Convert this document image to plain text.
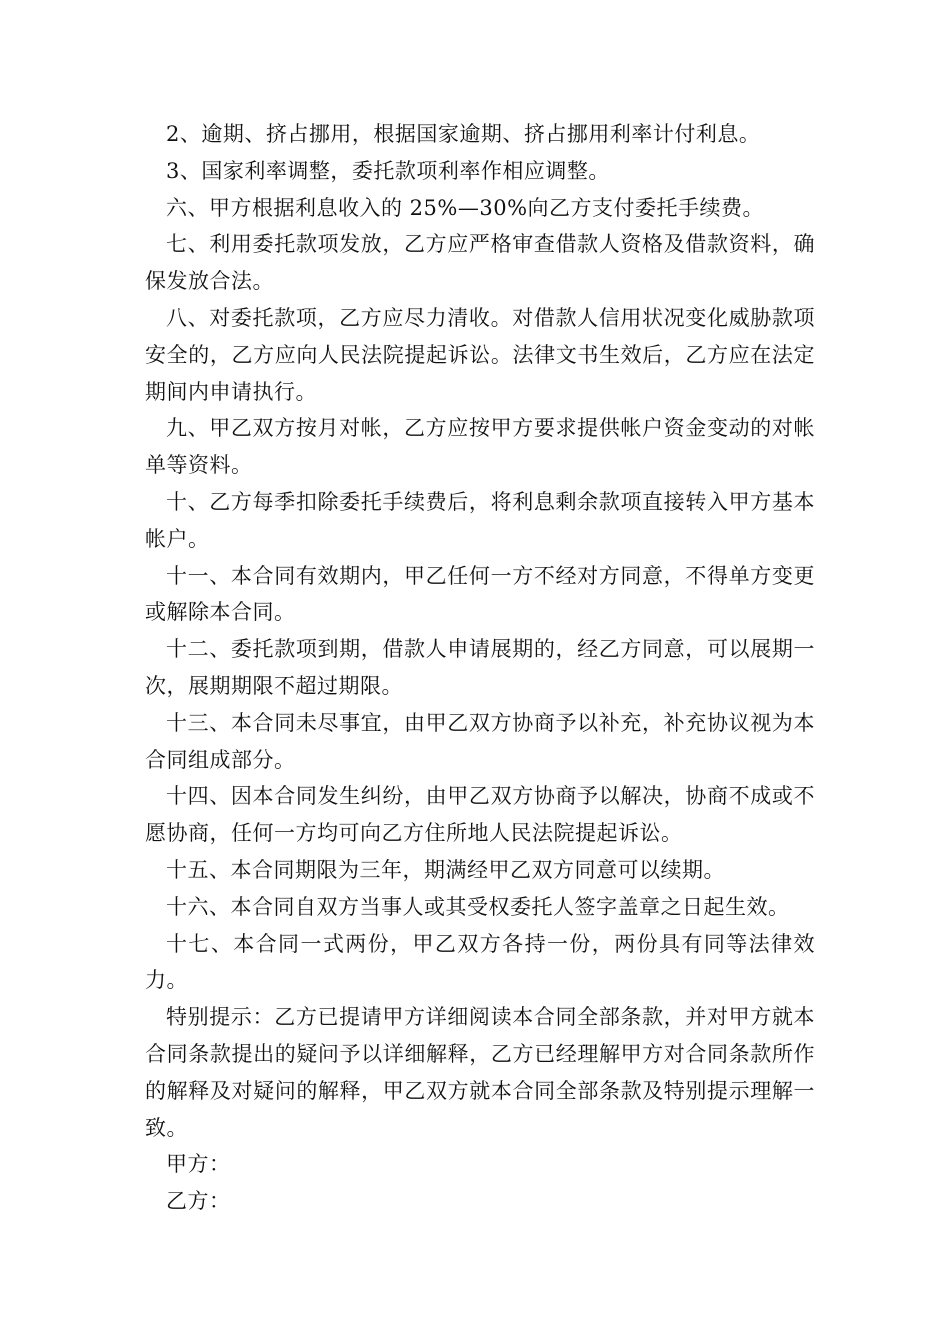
2、逾期、挤占挪用，根据国家逾期、挤占挪用利率计付利息。

3、国家利率调整，委托款项利率作相应调整。

六、甲方根据利息收入的 25%—30%向乙方支付委托手续费。

七、利用委托款项发放，乙方应严格审查借款人资格及借款资料，确保发放合法。

八、对委托款项，乙方应尽力清收。对借款人信用状况变化威胁款项安全的，乙方应向人民法院提起诉讼。法律文书生效后，乙方应在法定期间内申请执行。

九、甲乙双方按月对帐，乙方应按甲方要求提供帐户资金变动的对帐单等资料。

十、乙方每季扣除委托手续费后，将利息剩余款项直接转入甲方基本帐户。

十一、本合同有效期内，甲乙任何一方不经对方同意，不得单方变更或解除本合同。

十二、委托款项到期，借款人申请展期的，经乙方同意，可以展期一次，展期期限不超过期限。

十三、本合同未尽事宜，由甲乙双方协商予以补充，补充协议视为本合同组成部分。

十四、因本合同发生纠纷，由甲乙双方协商予以解决，协商不成或不愿协商，任何一方均可向乙方住所地人民法院提起诉讼。

十五、本合同期限为三年，期满经甲乙双方同意可以续期。

十六、本合同自双方当事人或其受权委托人签字盖章之日起生效。

十七、本合同一式两份，甲乙双方各持一份，两份具有同等法律效力。

特别提示：乙方已提请甲方详细阅读本合同全部条款，并对甲方就本合同条款提出的疑问予以详细解释，乙方已经理解甲方对合同条款所作的解释及对疑问的解释，甲乙双方就本合同全部条款及特别提示理解一致。

甲方：

乙方：
